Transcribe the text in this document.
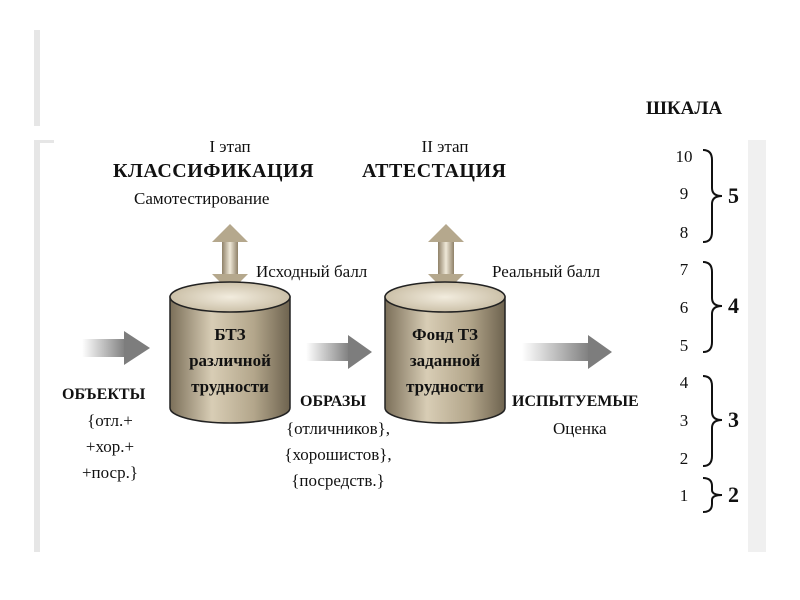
I этап
КЛАССИФИКАЦИЯ
Самотестирование
II этап
АТТЕСТАЦИЯ
Исходный балл	Реальный балл
БТЗ
различной
трудности
Фонд ТЗ
заданной
трудности
ОБЪЕКТЫ
{отл.+
+хор.+
+поср.}
ОБРАЗЫ
{отличников},
{хорошистов},
{посредств.}
ИСПЫТУЕМЫЕ
Оценка
ШКАЛА
10
9
8
7
6
5
4
3
2
1
5
4
3
2
